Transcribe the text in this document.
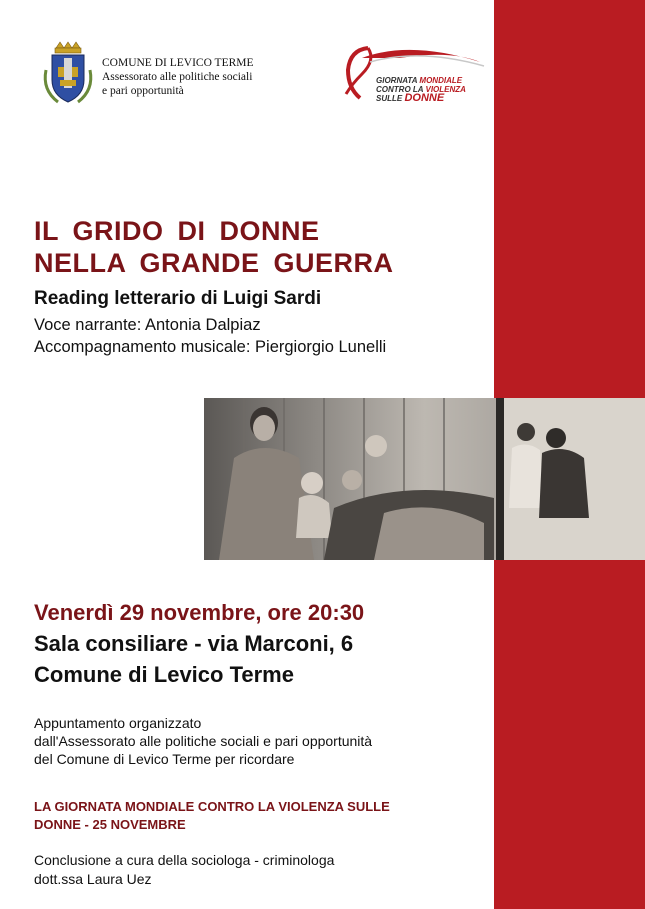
COMUNE DI LEVICO TERME
Assessorato alle politiche sociali
e pari opportunità
GIORNATA MONDIALE
CONTRO LA VIOLENZA
SULLE DONNE
IL GRIDO DI DONNE
NELLA GRANDE GUERRA
Reading letterario di Luigi Sardi
Voce narrante: Antonia Dalpiaz
Accompagnamento musicale: Piergiorgio Lunelli
Venerdì 29 novembre, ore 20:30
Sala consiliare - via Marconi, 6
Comune di Levico Terme
Appuntamento organizzato
dall'Assessorato alle politiche sociali e pari opportunità
del Comune di Levico Terme per ricordare
LA GIORNATA MONDIALE CONTRO LA VIOLENZA SULLE
DONNE - 25 NOVEMBRE
Conclusione a cura della sociologa - criminologa
dott.ssa Laura Uez
